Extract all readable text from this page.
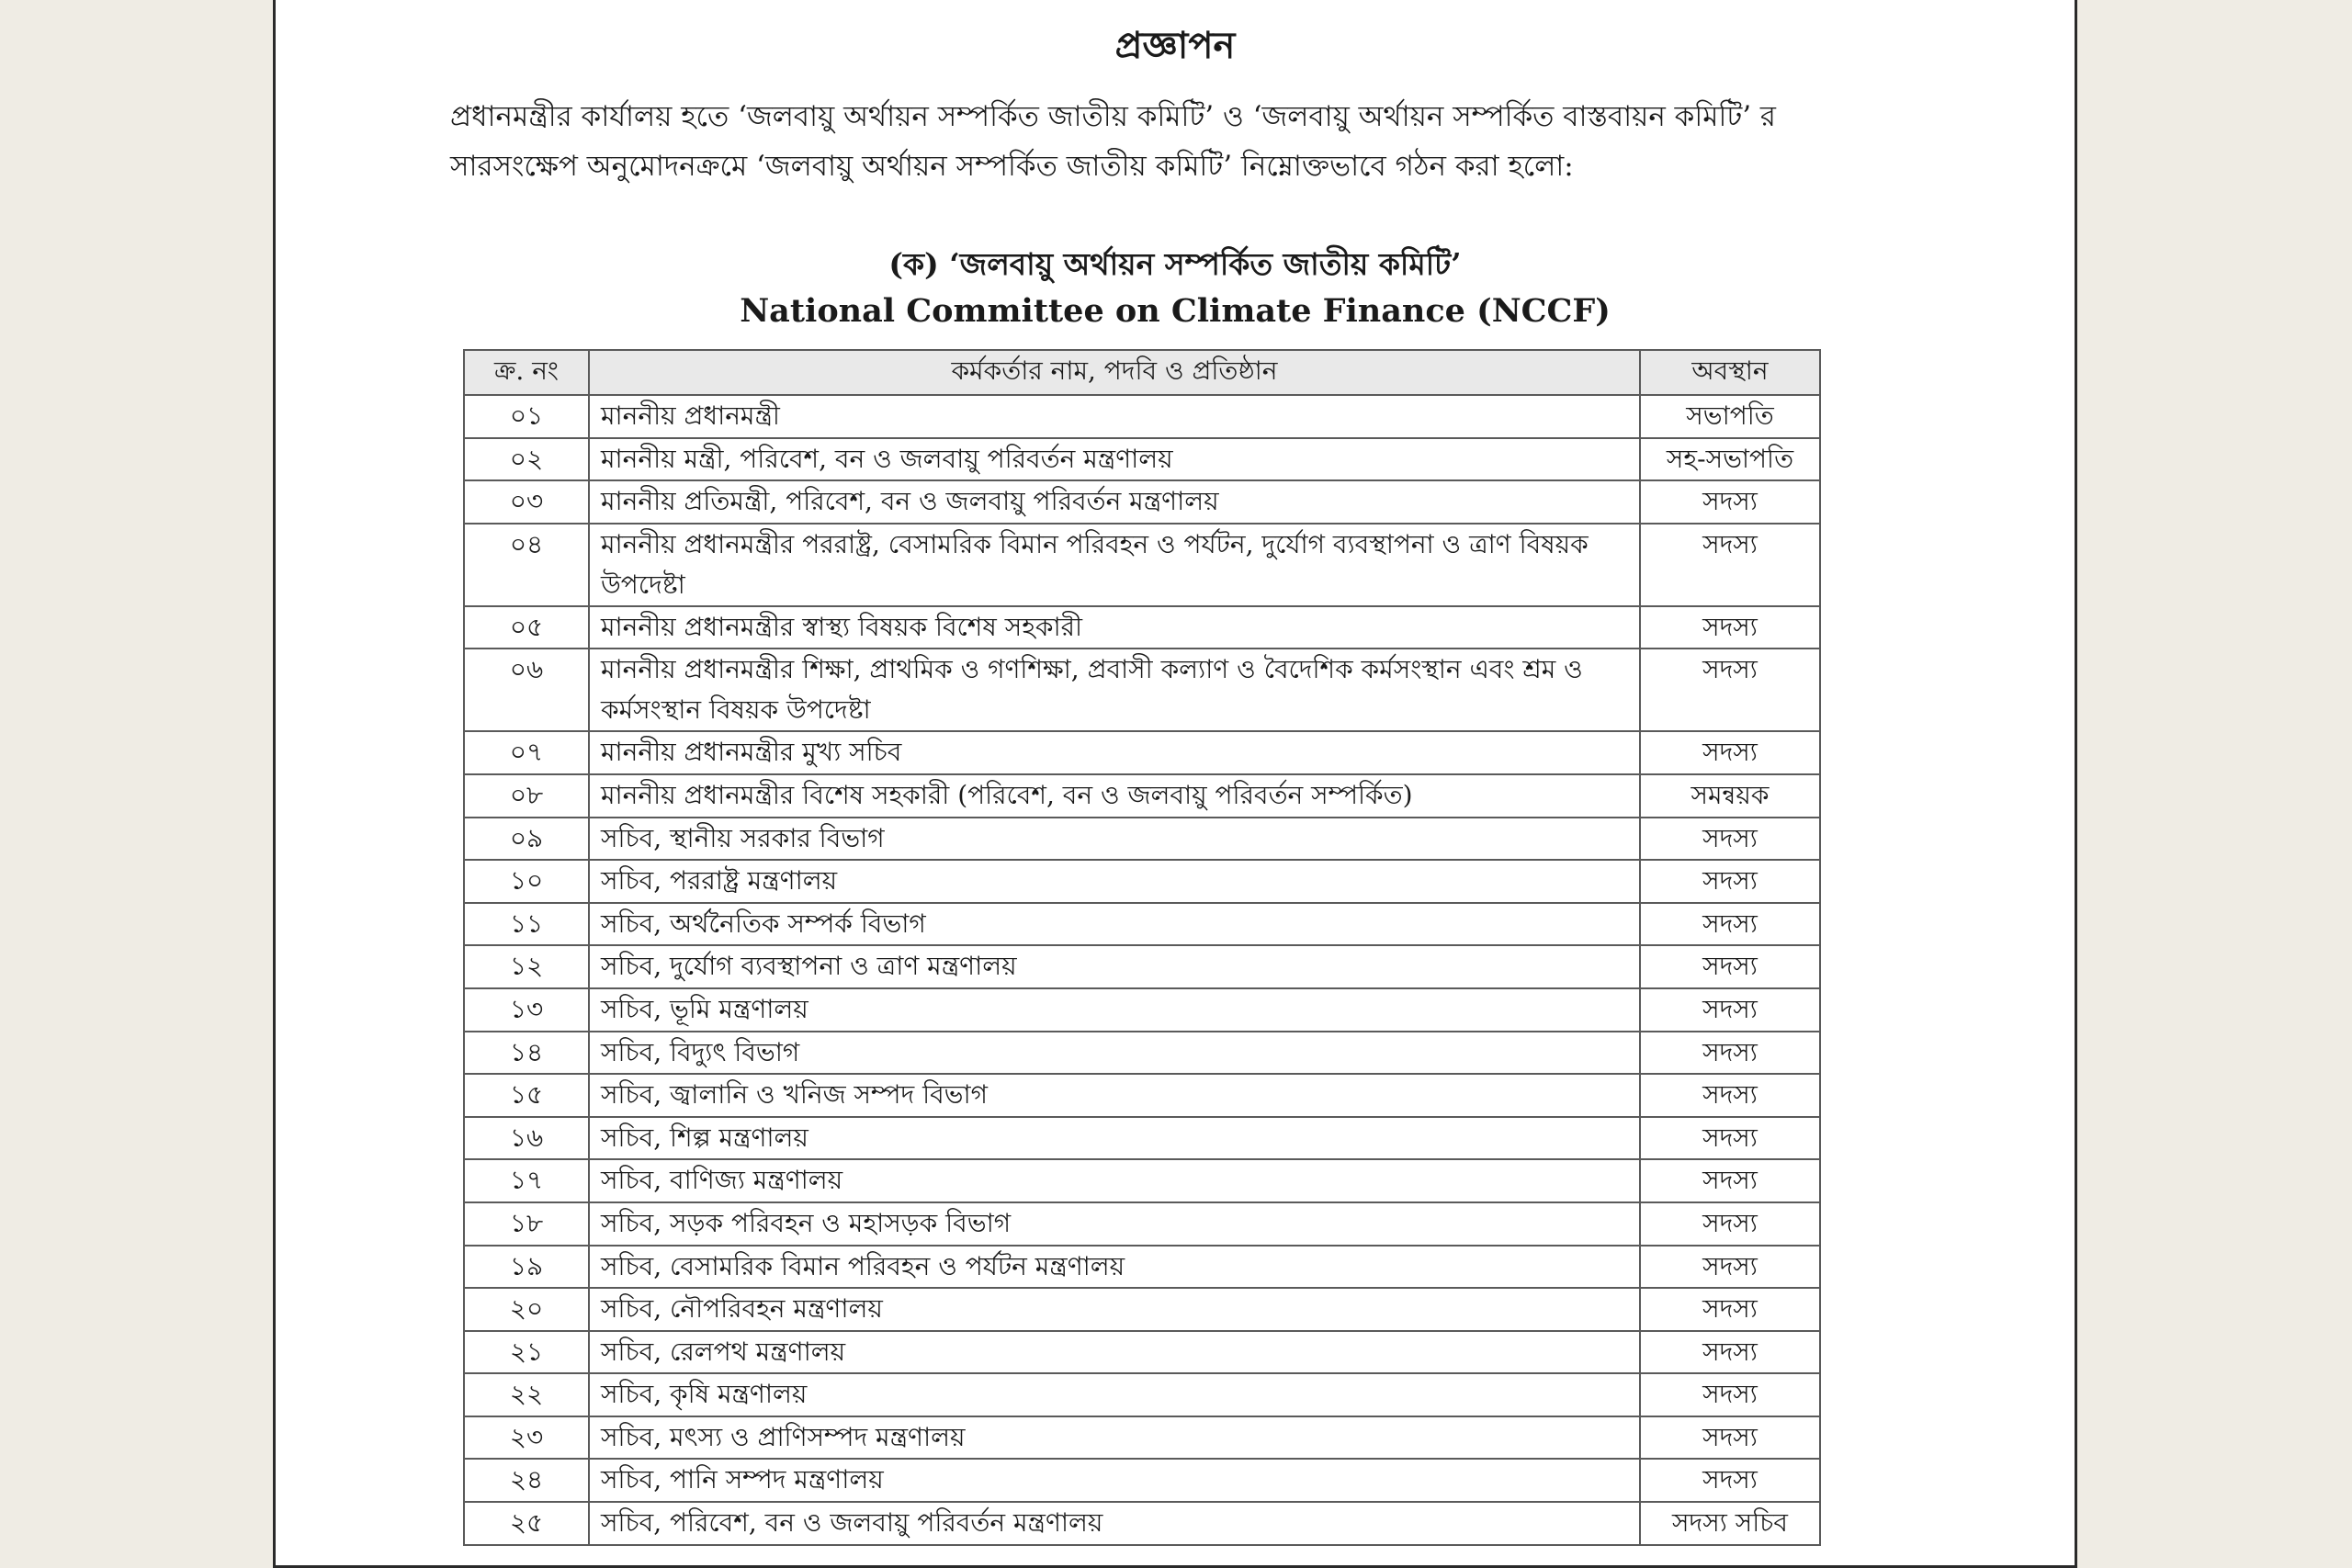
প্রজ্ঞাপন
প্রধানমন্ত্রীর কার্যালয় হতে ‘জলবায়ু অর্থায়ন সম্পর্কিত জাতীয় কমিটি’ ও ‘জলবায়ু অর্থায়ন সম্পর্কিত বাস্তবায়ন কমিটি’ র সারসংক্ষেপ অনুমোদনক্রমে ‘জলবায়ু অর্থায়ন সম্পর্কিত জাতীয় কমিটি’ নিম্নোক্তভাবে গঠন করা হলো:
(ক) ‘জলবায়ু অর্থায়ন সম্পর্কিত জাতীয় কমিটি’
National Committee on Climate Finance (NCCF)
ক্র. নং	কর্মকর্তার নাম, পদবি ও প্রতিষ্ঠান	অবস্থান
০১	মাননীয় প্রধানমন্ত্রী	সভাপতি
০২	মাননীয় মন্ত্রী, পরিবেশ, বন ও জলবায়ু পরিবর্তন মন্ত্রণালয়	সহ-সভাপতি
০৩	মাননীয় প্রতিমন্ত্রী, পরিবেশ, বন ও জলবায়ু পরিবর্তন মন্ত্রণালয়	সদস্য
০৪	মাননীয় প্রধানমন্ত্রীর পররাষ্ট্র, বেসামরিক বিমান পরিবহন ও পর্যটন, দুর্যোগ ব্যবস্থাপনা ও ত্রাণ বিষয়ক উপদেষ্টা	সদস্য
০৫	মাননীয় প্রধানমন্ত্রীর স্বাস্থ্য বিষয়ক বিশেষ সহকারী	সদস্য
০৬	মাননীয় প্রধানমন্ত্রীর শিক্ষা, প্রাথমিক ও গণশিক্ষা, প্রবাসী কল্যাণ ও বৈদেশিক কর্মসংস্থান এবং শ্রম ও কর্মসংস্থান বিষয়ক উপদেষ্টা	সদস্য
০৭	মাননীয় প্রধানমন্ত্রীর মুখ্য সচিব	সদস্য
০৮	মাননীয় প্রধানমন্ত্রীর বিশেষ সহকারী (পরিবেশ, বন ও জলবায়ু পরিবর্তন সম্পর্কিত)	সমন্বয়ক
০৯	সচিব, স্থানীয় সরকার বিভাগ	সদস্য
১০	সচিব, পররাষ্ট্র মন্ত্রণালয়	সদস্য
১১	সচিব, অর্থনৈতিক সম্পর্ক বিভাগ	সদস্য
১২	সচিব, দুর্যোগ ব্যবস্থাপনা ও ত্রাণ মন্ত্রণালয়	সদস্য
১৩	সচিব, ভূমি মন্ত্রণালয়	সদস্য
১৪	সচিব, বিদ্যুৎ বিভাগ	সদস্য
১৫	সচিব, জ্বালানি ও খনিজ সম্পদ বিভাগ	সদস্য
১৬	সচিব, শিল্প মন্ত্রণালয়	সদস্য
১৭	সচিব, বাণিজ্য মন্ত্রণালয়	সদস্য
১৮	সচিব, সড়ক পরিবহন ও মহাসড়ক বিভাগ	সদস্য
১৯	সচিব, বেসামরিক বিমান পরিবহন ও পর্যটন মন্ত্রণালয়	সদস্য
২০	সচিব, নৌপরিবহন মন্ত্রণালয়	সদস্য
২১	সচিব, রেলপথ মন্ত্রণালয়	সদস্য
২২	সচিব, কৃষি মন্ত্রণালয়	সদস্য
২৩	সচিব, মৎস্য ও প্রাণিসম্পদ মন্ত্রণালয়	সদস্য
২৪	সচিব, পানি সম্পদ মন্ত্রণালয়	সদস্য
২৫	সচিব, পরিবেশ, বন ও জলবায়ু পরিবর্তন মন্ত্রণালয়	সদস্য সচিব
